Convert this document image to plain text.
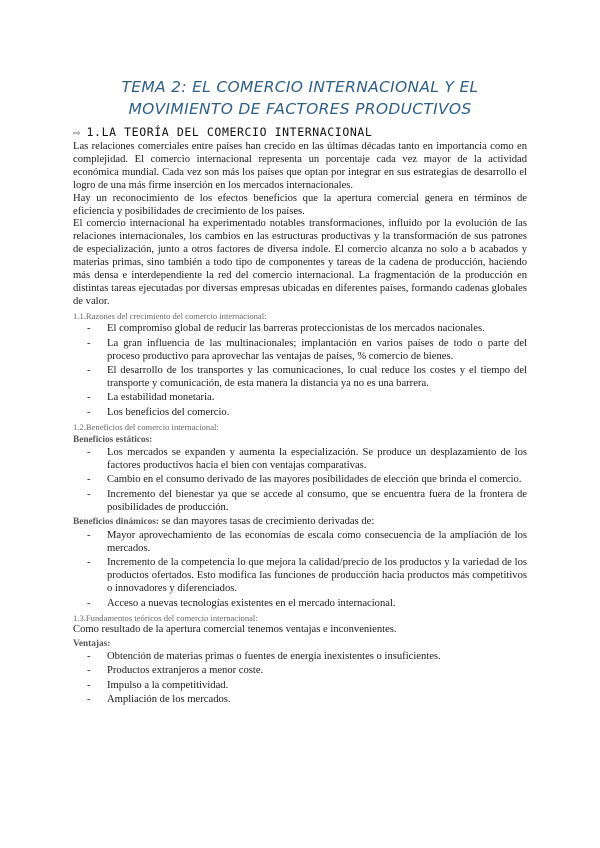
TEMA 2: EL COMERCIO INTERNACIONAL Y EL MOVIMIENTO DE FACTORES PRODUCTIVOS
⇨ 1.LA TEORÍA DEL COMERCIO INTERNACIONAL

Las relaciones comerciales entre países han crecido en las últimas décadas tanto en importancia como en complejidad. El comercio internacional representa un porcentaje cada vez mayor de la actividad económica mundial. Cada vez son más los países que optan por integrar en sus estrategias de desarrollo el logro de una más firme inserción en los mercados internacionales.

Hay un reconocimiento de los efectos beneficios que la apertura comercial genera en términos de eficiencia y posibilidades de crecimiento de los países.

El comercio internacional ha experimentado notables transformaciones, influido por la evolución de las relaciones internacionales, los cambios en las estructuras productivas y la transformación de sus patrones de especialización, junto a otros factores de diversa índole. El comercio alcanza no solo a b acabados y materias primas, sino también a todo tipo de componentes y tareas de la cadena de producción, haciendo más densa e interdependiente la red del comercio internacional. La fragmentación de la producción en distintas tareas ejecutadas por diversas empresas ubicadas en diferentes países, formando cadenas globales de valor.

1.1.Razones del crecimiento del comercio internacional:
- El compromiso global de reducir las barreras proteccionistas de los mercados nacionales.
- La gran influencia de las multinacionales; implantación en varios países de todo o parte del proceso productivo para aprovechar las ventajas de países, % comercio de bienes.
- El desarrollo de los transportes y las comunicaciones, lo cual reduce los costes y el tiempo del transporte y comunicación, de esta manera la distancia ya no es una barrera.
- La estabilidad monetaria.
- Los beneficios del comercio.
1.2.Beneficios del comercio internacional:
Beneficios estáticos:
- Los mercados se expanden y aumenta la especialización. Se produce un desplazamiento de los factores productivos hacia el bien con ventajas comparativas.
- Cambio en el consumo derivado de las mayores posibilidades de elección que brinda el comercio.
- Incremento del bienestar ya que se accede al consumo, que se encuentra fuera de la frontera de posibilidades de producción.

Beneficios dinámicos: se dan mayores tasas de crecimiento derivadas de:

- Mayor aprovechamiento de las economías de escala como consecuencia de la ampliación de los mercados.
- Incremento de la competencia lo que mejora la calidad/precio de los productos y la variedad de los productos ofertados. Esto modifica las funciones de producción hacia productos más competitivos o innovadores y diferenciados.
- Acceso a nuevas tecnologías existentes en el mercado internacional.
1.3.Fundamentos teóricos del comercio internacional:

Como resultado de la apertura comercial tenemos ventajas e inconvenientes.

Ventajas:
- Obtención de materias primas o fuentes de energía inexistentes o insuficientes.
- Productos extranjeros a menor coste.
- Impulso a la competitividad.
- Ampliación de los mercados.
